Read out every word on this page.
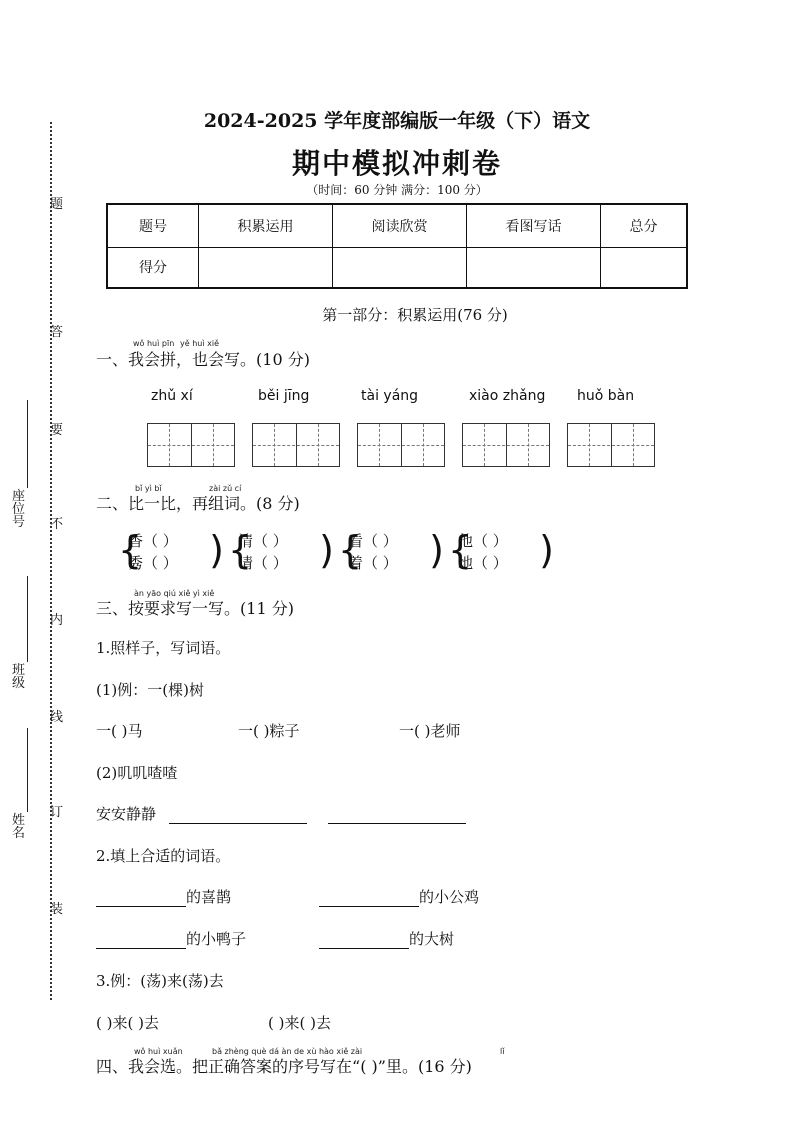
题
答
要
不
内
线
订
装
座位号
班级
姓名
2024-2025 学年度部编版一年级（下）语文
期中模拟冲刺卷
（时间：60 分钟 满分：100 分）
题号	积累运用	阅读欣赏	看图写话	总分
得分				
第一部分：积累运用(76 分)
wǒ huì pīn yě huì xiě
一、我会拼，也会写。(10 分)
zhǔ xí	běi jīng	tài yáng	xiào zhǎng huǒ bàn
bǐ yì bǐ	zài zǔ cí
二、比一比，再组词。(8 分)
{
香（ ）
秀（ ） ) {
清（ ）
请（ ） ) {
看（ ）
着（ ） ) {
他（ ）
地（ ） )
àn yāo qiú xiě yì xiě
三、按要求写一写。(11 分)
1.照样子，写词语。
(1)例：一(棵)树
一( )马	一( )粽子	一( )老师
(2)叽叽喳喳
安安静静
2.填上合适的词语。
的喜鹊	的小公鸡
的小鸭子	的大树
3.例：(荡)来(荡)去
( )来( )去	( )来( )去
wǒ huì xuǎn	bǎ zhèng què dá àn de xù hào xiě zài	lǐ
四、我会选。把正确答案的序号写在“( )”里。(16 分)
